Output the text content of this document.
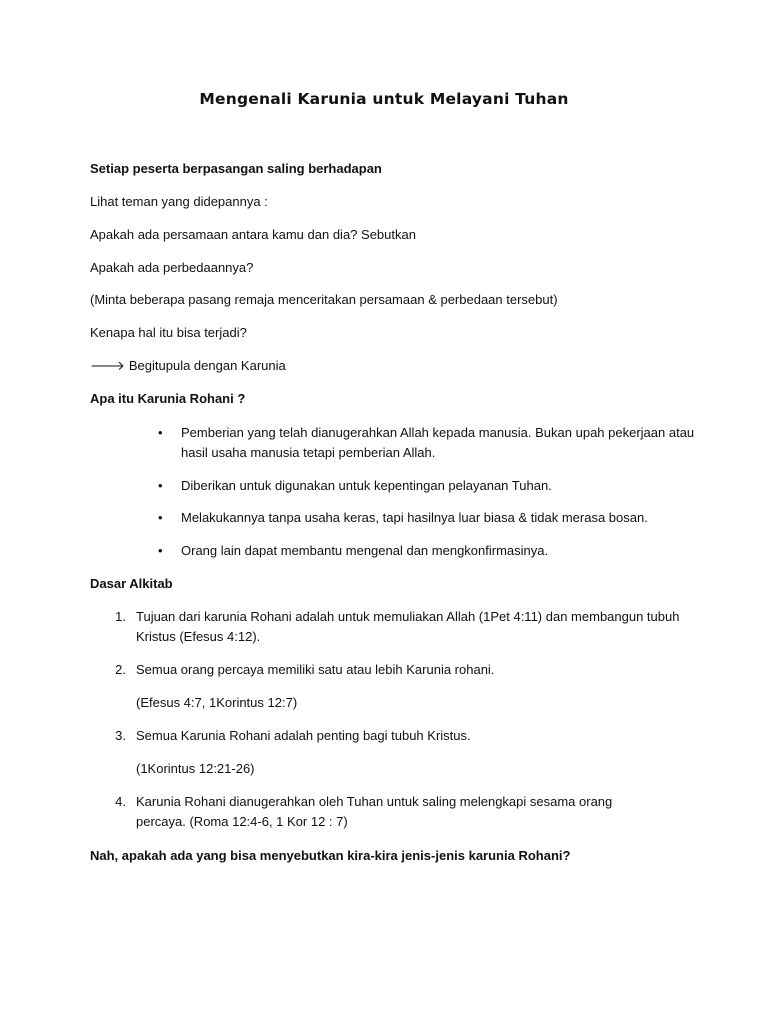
Mengenali Karunia untuk Melayani Tuhan
Setiap peserta berpasangan saling berhadapan
Lihat teman yang didepannya :
Apakah ada persamaan antara kamu dan dia? Sebutkan
Apakah ada perbedaannya?
(Minta beberapa pasang remaja menceritakan persamaan & perbedaan tersebut)
Kenapa hal itu bisa terjadi?
🡒 Begitupula dengan Karunia
Apa itu Karunia Rohani ?
• Pemberian yang telah dianugerahkan Allah kepada manusia. Bukan upah pekerjaan atau hasil usaha manusia tetapi pemberian Allah.
• Diberikan untuk digunakan untuk kepentingan pelayanan Tuhan.
• Melakukannya tanpa usaha keras, tapi hasilnya luar biasa & tidak merasa bosan.
• Orang lain dapat membantu mengenal dan mengkonfirmasinya.
Dasar Alkitab
1. Tujuan dari karunia Rohani adalah untuk memuliakan Allah (1Pet 4:11) dan membangun tubuh Kristus (Efesus 4:12).
2. Semua orang percaya memiliki satu atau lebih Karunia rohani.
(Efesus 4:7, 1Korintus 12:7)
3. Semua Karunia Rohani adalah penting bagi tubuh Kristus.
(1Korintus 12:21-26)
4. Karunia Rohani dianugerahkan oleh Tuhan untuk saling melengkapi sesama orang percaya. (Roma 12:4-6, 1 Kor 12 : 7)
Nah, apakah ada yang bisa menyebutkan kira-kira jenis-jenis karunia Rohani?
